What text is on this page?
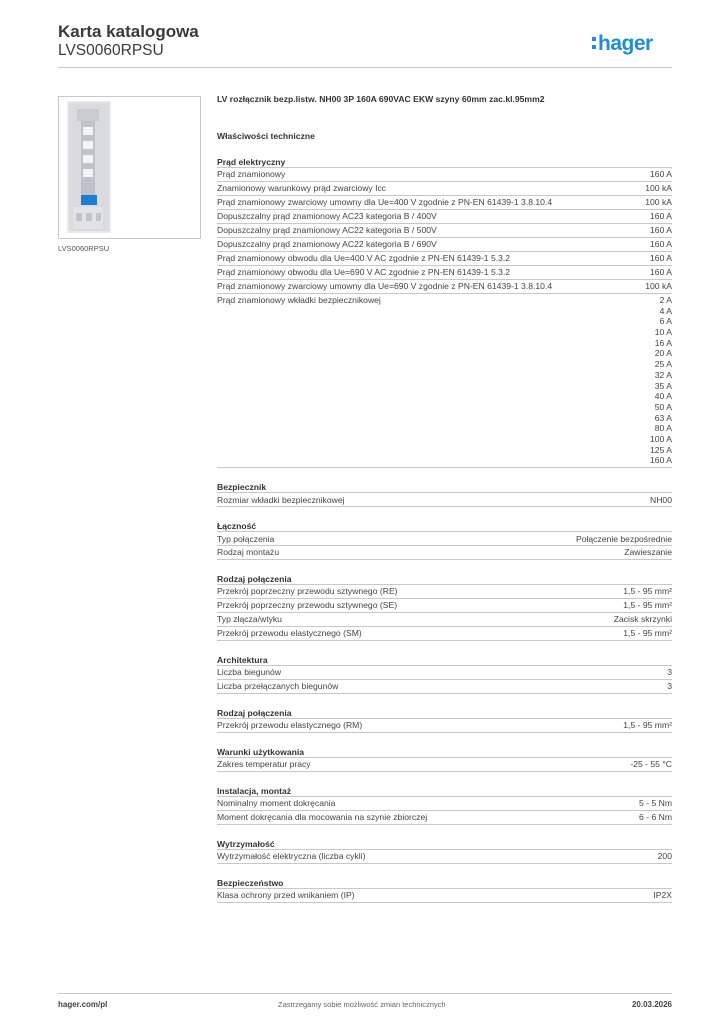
Karta katalogowa
LVS0060RPSU	hager
LVS0060RPSU
LV rozłącznik bezp.listw. NH00 3P 160A 690VAC EKW szyny 60mm zac.kl.95mm2
Właściwości techniczne
Prąd elektryczny
Prąd znamionowy	160 A
Znamionowy warunkowy prąd zwarciowy Icc	100 kA
Prąd znamionowy zwarciowy umowny dla Ue=400 V zgodnie z PN-EN 61439-1 3.8.10.4	100 kA
Dopuszczalny prąd znamionowy AC23 kategoria B / 400V	160 A
Dopuszczalny prąd znamionowy AC22 kategoria B / 500V	160 A
Dopuszczalny prąd znamionowy AC22 kategoria B / 690V	160 A
Prąd znamionowy obwodu dla Ue=400 V AC zgodnie z PN-EN 61439-1 5.3.2	160 A
Prąd znamionowy obwodu dla Ue=690 V AC zgodnie z PN-EN 61439-1 5.3.2	160 A
Prąd znamionowy zwarciowy umowny dla Ue=690 V zgodnie z PN-EN 61439-1 3.8.10.4	100 kA
Prąd znamionowy wkładki bezpiecznikowej	2 A
4 A
6 A
10 A
16 A
20 A
25 A
32 A
35 A
40 A
50 A
63 A
80 A
100 A
125 A
160 A
Bezpiecznik
Rozmiar wkładki bezpiecznikowej	NH00
Łączność
Typ połączenia	Połączenie bezpośrednie
Rodzaj montażu	Zawieszanie
Rodzaj połączenia
Przekrój poprzeczny przewodu sztywnego (RE)	1,5 - 95 mm²
Przekrój poprzeczny przewodu sztywnego (SE)	1,5 - 95 mm²
Typ złącza/wtyku	Zacisk skrzynki
Przekrój przewodu elastycznego (SM)	1,5 - 95 mm²
Architektura
Liczba biegunów	3
Liczba przełączanych biegunów	3
Rodzaj połączenia
Przekrój przewodu elastycznego (RM)	1,5 - 95 mm²
Warunki użytkowania
Zakres temperatur pracy	-25 - 55 °C
Instalacja, montaż
Nominalny moment dokręcania	5 - 5 Nm
Moment dokręcania dla mocowania na szynie zbiorczej	6 - 6 Nm
Wytrzymałość
Wytrzymałość elektryczna (liczba cykli)	200
Bezpieczeństwo
Klasa ochrony przed wnikaniem (IP)	IP2X
hager.com/pl	Zastrzegamy sobie możliwość zmian technicznych	20.03.2026
